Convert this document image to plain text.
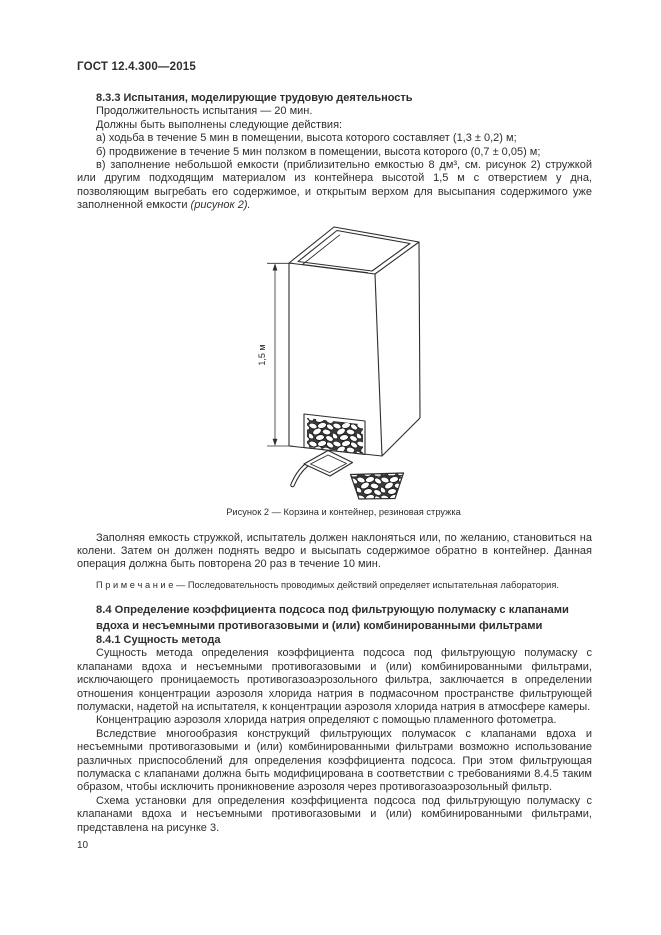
ГОСТ 12.4.300—2015
8.3.3 Испытания, моделирующие трудовую деятельность

Продолжительность испытания — 20 мин.

Должны быть выполнены следующие действия:

а) ходьба в течение 5 мин в помещении, высота которого составляет (1,3 ± 0,2) м;

б) продвижение в течение 5 мин ползком в помещении, высота которого (0,7 ± 0,05) м;

в) заполнение небольшой емкости (приблизительно емкостью 8 дм³, см. рисунок 2) стружкой или другим подходящим материалом из контейнера высотой 1,5 м с отверстием у дна, позволяющим выгребать его содержимое, и открытым верхом для высыпания содержимого уже заполненной емкости (рисунок 2).

1,5 м
Рисунок 2 — Корзина и контейнер, резиновая стружка

Заполняя емкость стружкой, испытатель должен наклоняться или, по желанию, становиться на колени. Затем он должен поднять ведро и высыпать содержимое обратно в контейнер. Данная операция должна быть повторена 20 раз в течение 10 мин.

П р и м е ч а н и е — Последовательность проводимых действий определяет испытательная лаборатория.

8.4 Определение коэффициента подсоса под фильтрующую полумаску с клапанами вдоха и несъемными противогазовыми и (или) комбинированными фильтрами
8.4.1 Сущность метода

Сущность метода определения коэффициента подсоса под фильтрующую полумаску с клапанами вдоха и несъемными противогазовыми и (или) комбинированными фильтрами, исключающего проницаемость противогазоаэрозольного фильтра, заключается в определении отношения концентрации аэрозоля хлорида натрия в подмасочном пространстве фильтрующей полумаски, надетой на испытателя, к концентрации аэрозоля хлорида натрия в атмосфере камеры.

Концентрацию аэрозоля хлорида натрия определяют с помощью пламенного фотометра.

Вследствие многообразия конструкций фильтрующих полумасок с клапанами вдоха и несъемными противогазовыми и (или) комбинированными фильтрами возможно использование различных приспособлений для определения коэффициента подсоса. При этом фильтрующая полумаска с клапанами должна быть модифицирована в соответствии с требованиями 8.4.5 таким образом, чтобы исключить проникновение аэрозоля через противогазоаэрозольный фильтр.

Схема установки для определения коэффициента подсоса под фильтрующую полумаску с клапанами вдоха и несъемными противогазовыми и (или) комбинированными фильтрами, представлена на рисунке 3.

10
